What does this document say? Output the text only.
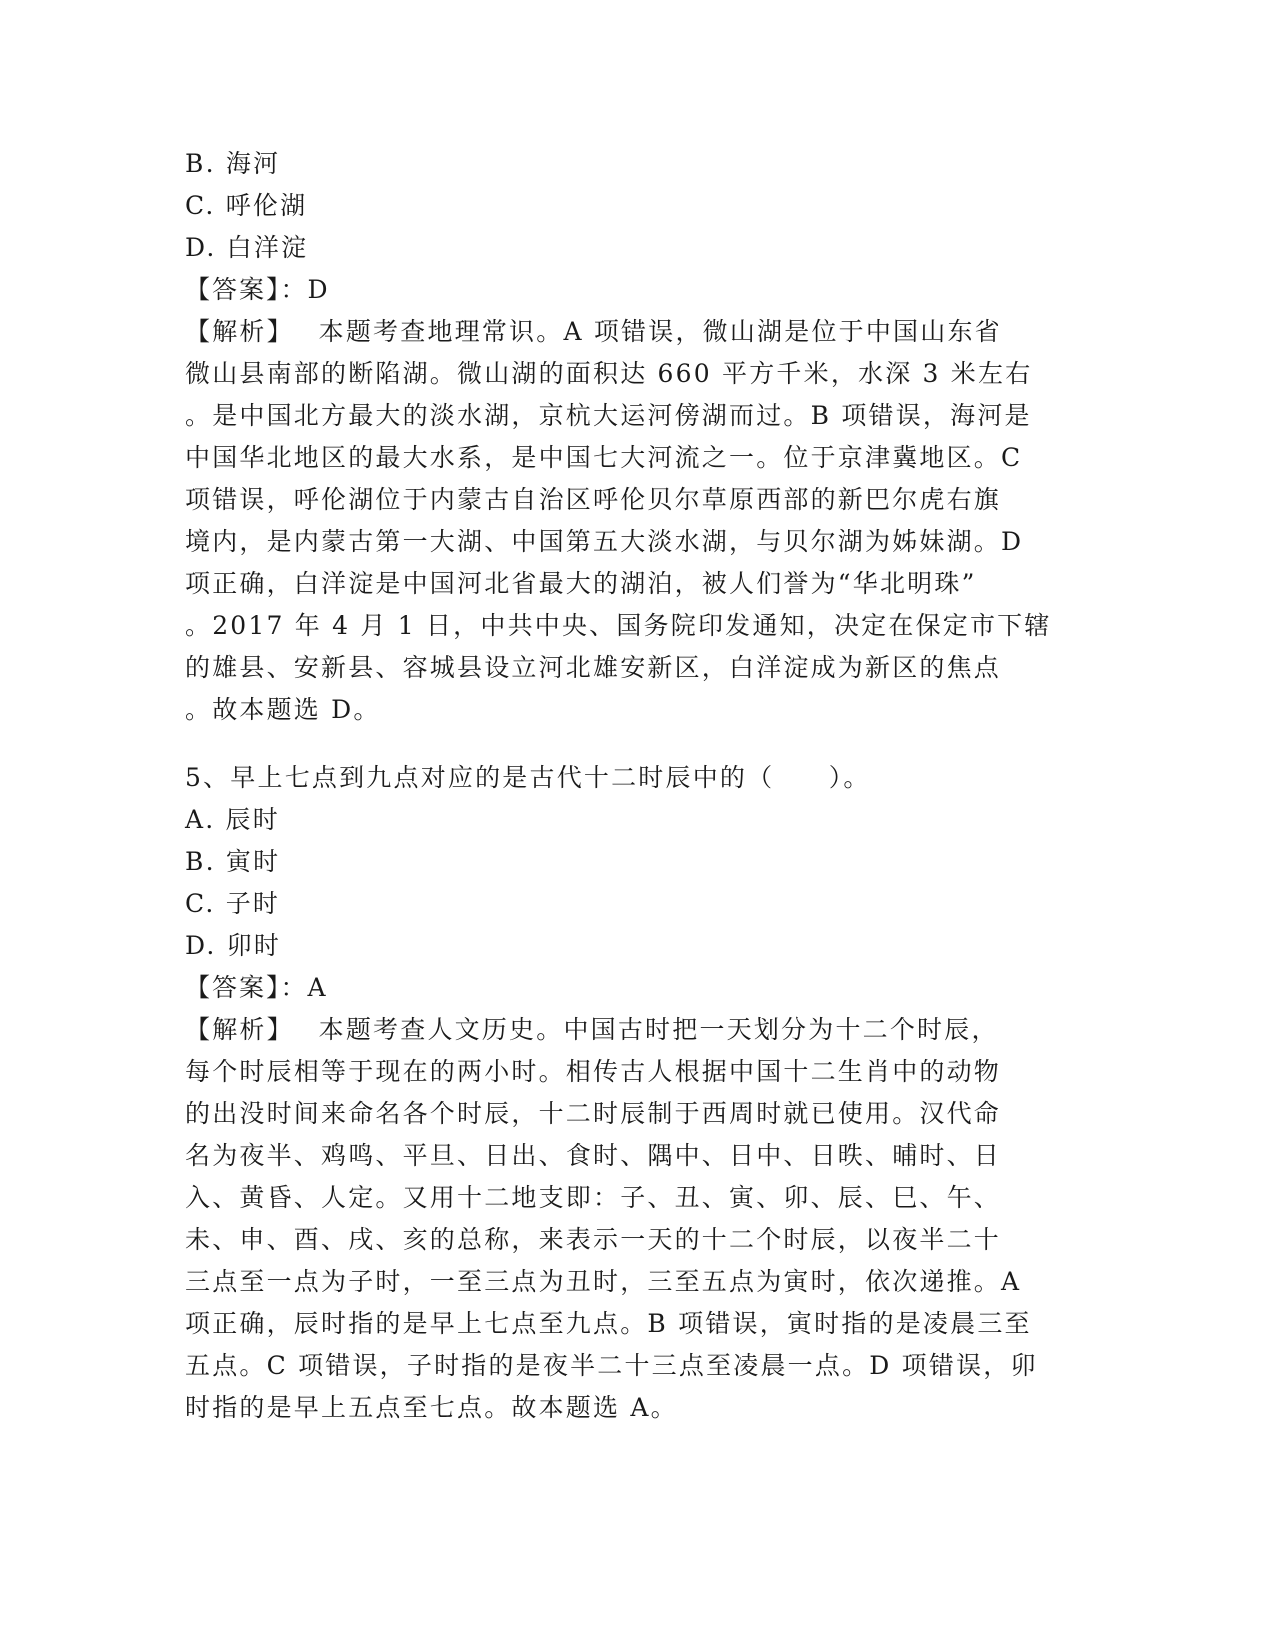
B. 海河
C. 呼伦湖
D. 白洋淀
【答案】：D
【解析】　 本题考查地理常识。A 项错误，微山湖是位于中国山东省
微山县南部的断陷湖。微山湖的面积达 660 平方千米，水深 3 米左右
。是中国北方最大的淡水湖，京杭大运河傍湖而过。B 项错误，海河是
中国华北地区的最大水系，是中国七大河流之一。位于京津冀地区。C
项错误，呼伦湖位于内蒙古自治区呼伦贝尔草原西部的新巴尔虎右旗
境内，是内蒙古第一大湖、中国第五大淡水湖，与贝尔湖为姊妹湖。D
项正确，白洋淀是中国河北省最大的湖泊，被人们誉为“华北明珠”
。2017 年 4 月 1 日，中共中央、国务院印发通知，决定在保定市下辖
的雄县、安新县、容城县设立河北雄安新区，白洋淀成为新区的焦点
。故本题选 D。
5、早上七点到九点对应的是古代十二时辰中的（　　）。
A. 辰时
B. 寅时
C. 子时
D. 卯时
【答案】：A
【解析】　 本题考查人文历史。中国古时把一天划分为十二个时辰，
每个时辰相等于现在的两小时。相传古人根据中国十二生肖中的动物
的出没时间来命名各个时辰，十二时辰制于西周时就已使用。汉代命
名为夜半、鸡鸣、平旦、日出、食时、隅中、日中、日昳、晡时、日
入、黄昏、人定。又用十二地支即：子、丑、寅、卯、辰、巳、午、
未、申、酉、戌、亥的总称，来表示一天的十二个时辰，以夜半二十
三点至一点为子时，一至三点为丑时，三至五点为寅时，依次递推。A
项正确，辰时指的是早上七点至九点。B 项错误，寅时指的是凌晨三至
五点。C 项错误，子时指的是夜半二十三点至凌晨一点。D 项错误，卯
时指的是早上五点至七点。故本题选 A。
